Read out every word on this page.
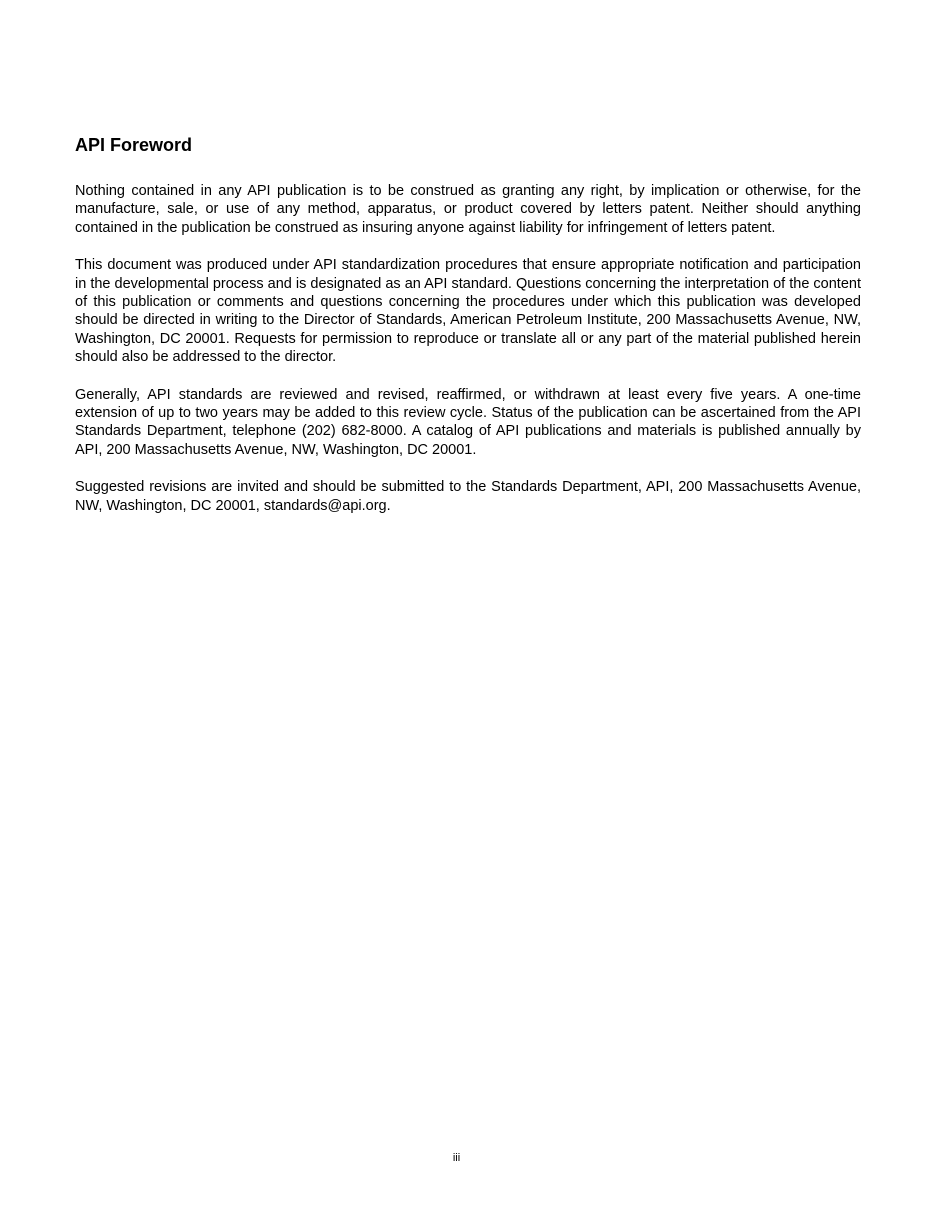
API Foreword

Nothing contained in any API publication is to be construed as granting any right, by implication or otherwise, for the manufacture, sale, or use of any method, apparatus, or product covered by letters patent. Neither should anything contained in the publication be construed as insuring anyone against liability for infringement of letters patent.

This document was produced under API standardization procedures that ensure appropriate notification and participation in the developmental process and is designated as an API standard. Questions concerning the interpretation of the content of this publication or comments and questions concerning the procedures under which this publication was developed should be directed in writing to the Director of Standards, American Petroleum Institute, 200 Massachusetts Avenue, NW, Washington, DC 20001. Requests for permission to reproduce or translate all or any part of the material published herein should also be addressed to the director.

Generally, API standards are reviewed and revised, reaffirmed, or withdrawn at least every five years. A one-time extension of up to two years may be added to this review cycle. Status of the publication can be ascertained from the API Standards Department, telephone (202) 682-8000. A catalog of API publications and materials is published annually by API, 200 Massachusetts Avenue, NW, Washington, DC 20001.

Suggested revisions are invited and should be submitted to the Standards Department, API, 200 Massachusetts Avenue, NW, Washington, DC 20001, standards@api.org.

iii
